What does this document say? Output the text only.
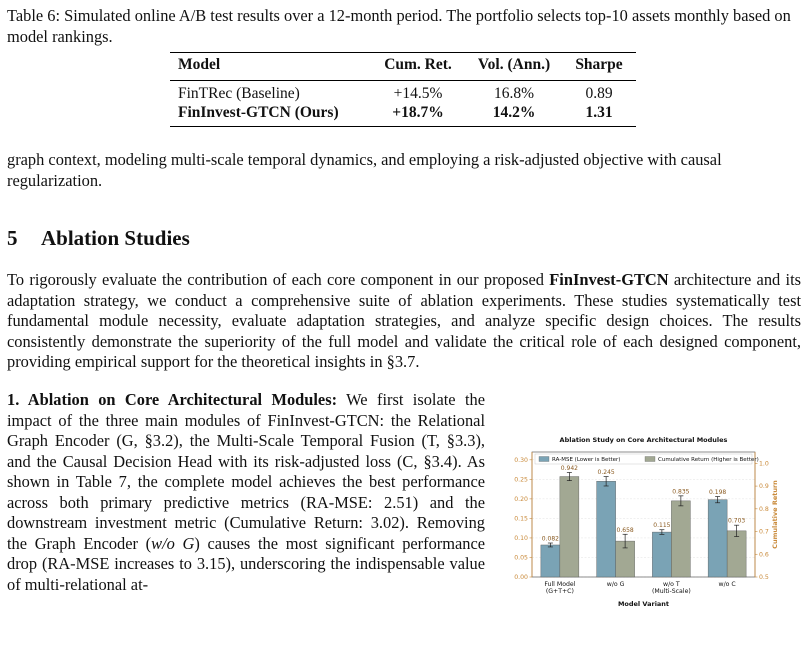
Table 6: Simulated online A/B test results over a 12-month period. The portfolio selects top-10 assets monthly based on model rankings.
Model	Cum. Ret.	Vol. (Ann.)	Sharpe
FinTRec (Baseline)	+14.5%	16.8%	0.89
FinInvest-GTCN (Ours)	+18.7%	14.2%	1.31
graph context, modeling multi-scale temporal dynamics, and employing a risk-adjusted objective with causal regularization.
5 Ablation Studies
To rigorously evaluate the contribution of each core component in our proposed FinInvest-GTCN architecture and its adaptation strategy, we conduct a comprehensive suite of ablation experiments. These studies systematically test fundamental module necessity, evaluate adaptation strategies, and analyze specific design choices. The results consistently demonstrate the superiority of the full model and validate the critical role of each designed component, providing empirical support for the theoretical insights in §3.7.
1. Ablation on Core Architectural Modules: We first isolate the impact of the three main modules of FinInvest-GTCN: the Relational Graph Encoder (G, §3.2), the Multi-Scale Temporal Fusion (T, §3.3), and the Causal Decision Head with its risk-adjusted loss (C, §3.4). As shown in Table 7, the complete model achieves the best performance across both primary predictive metrics (RA-MSE: 2.51) and the downstream investment metric (Cumulative Return: 3.02). Removing the Graph Encoder (w/o G) causes the most significant performance drop (RA-MSE increases to 3.15), underscoring the indispensable value of multi-relational at-
Ablation Study on Core Architectural Modules
0.00
0.05
0.10
0.15
0.20
0.25
0.30
0.5
0.6
0.7
0.8
0.9
1.0
0.082
0.942
Full Model
(G+T+C)
0.245
0.658
w/o G
0.115
0.835
w/o T
(Multi-Scale)
0.198
0.703
w/o C
Model Variant
Cumulative Return
RA-MSE (Lower is Better)	Cumulative Return (Higher is Better)
